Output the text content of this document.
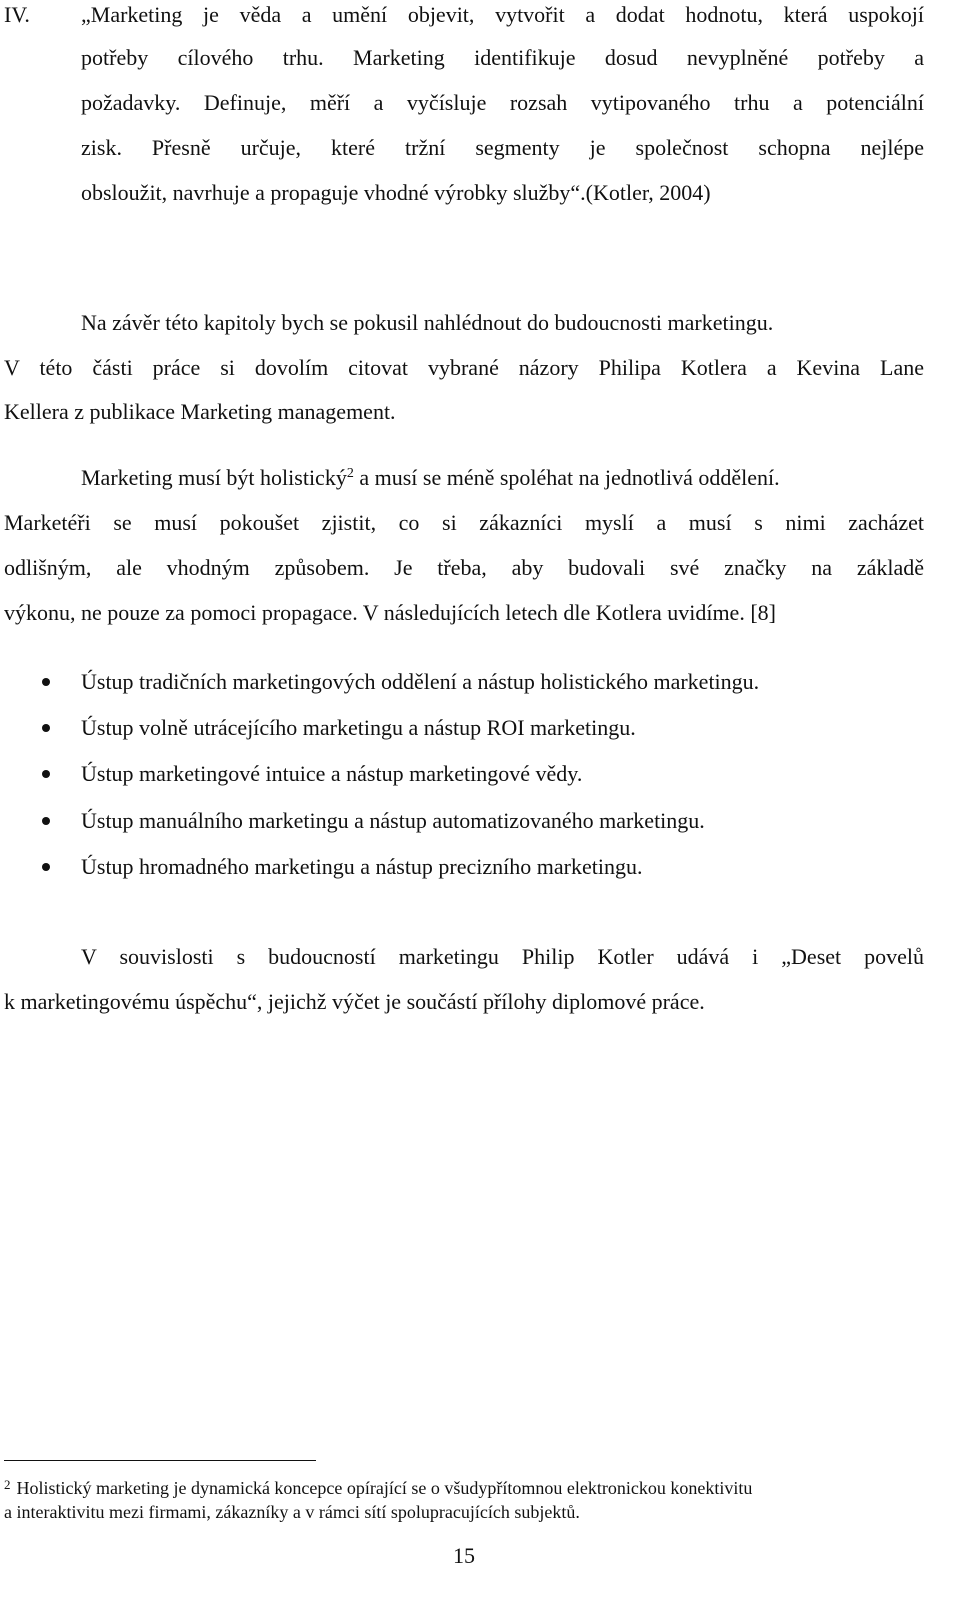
IV. „Marketing je věda a umění objevit, vytvořit a dodat hodnotu, která uspokojí
potřeby cílového trhu. Marketing identifikuje dosud nevyplněné potřeby a
požadavky. Definuje, měří a vyčísluje rozsah vytipovaného trhu a potenciální
zisk. Přesně určuje, které tržní segmenty je společnost schopna nejlépe
obsloužit, navrhuje a propaguje vhodné výrobky služby“.(Kotler, 2004)
Na závěr této kapitoly bych se pokusil nahlédnout do budoucnosti marketingu.
V této části práce si dovolím citovat vybrané názory Philipa Kotlera a Kevina Lane
Kellera z publikace Marketing management.
Marketing musí být holistický$^2$ a musí se méně spoléhat na jednotlivá oddělení.
Marketéři se musí pokoušet zjistit, co si zákazníci myslí a musí s nimi zacházet
odlišným, ale vhodným způsobem. Je třeba, aby budovali své značky na základě
výkonu, ne pouze za pomoci propagace. V následujících letech dle Kotlera uvidíme. [8]
Ústup tradičních marketingových oddělení a nástup holistického marketingu.
Ústup volně utrácejícího marketingu a nástup ROI marketingu.
Ústup marketingové intuice a nástup marketingové vědy.
Ústup manuálního marketingu a nástup automatizovaného marketingu.
Ústup hromadného marketingu a nástup precizního marketingu.
V souvislosti s budoucností marketingu Philip Kotler udává i „Deset povelů
k marketingovému úspěchu“, jejichž výčet je součástí přílohy diplomové práce.
$^2$ Holistický marketing je dynamická koncepce opírající se o všudypřítomnou elektronickou konektivitu
a interaktivitu mezi firmami, zákazníky a v rámci sítí spolupracujících subjektů.
15
